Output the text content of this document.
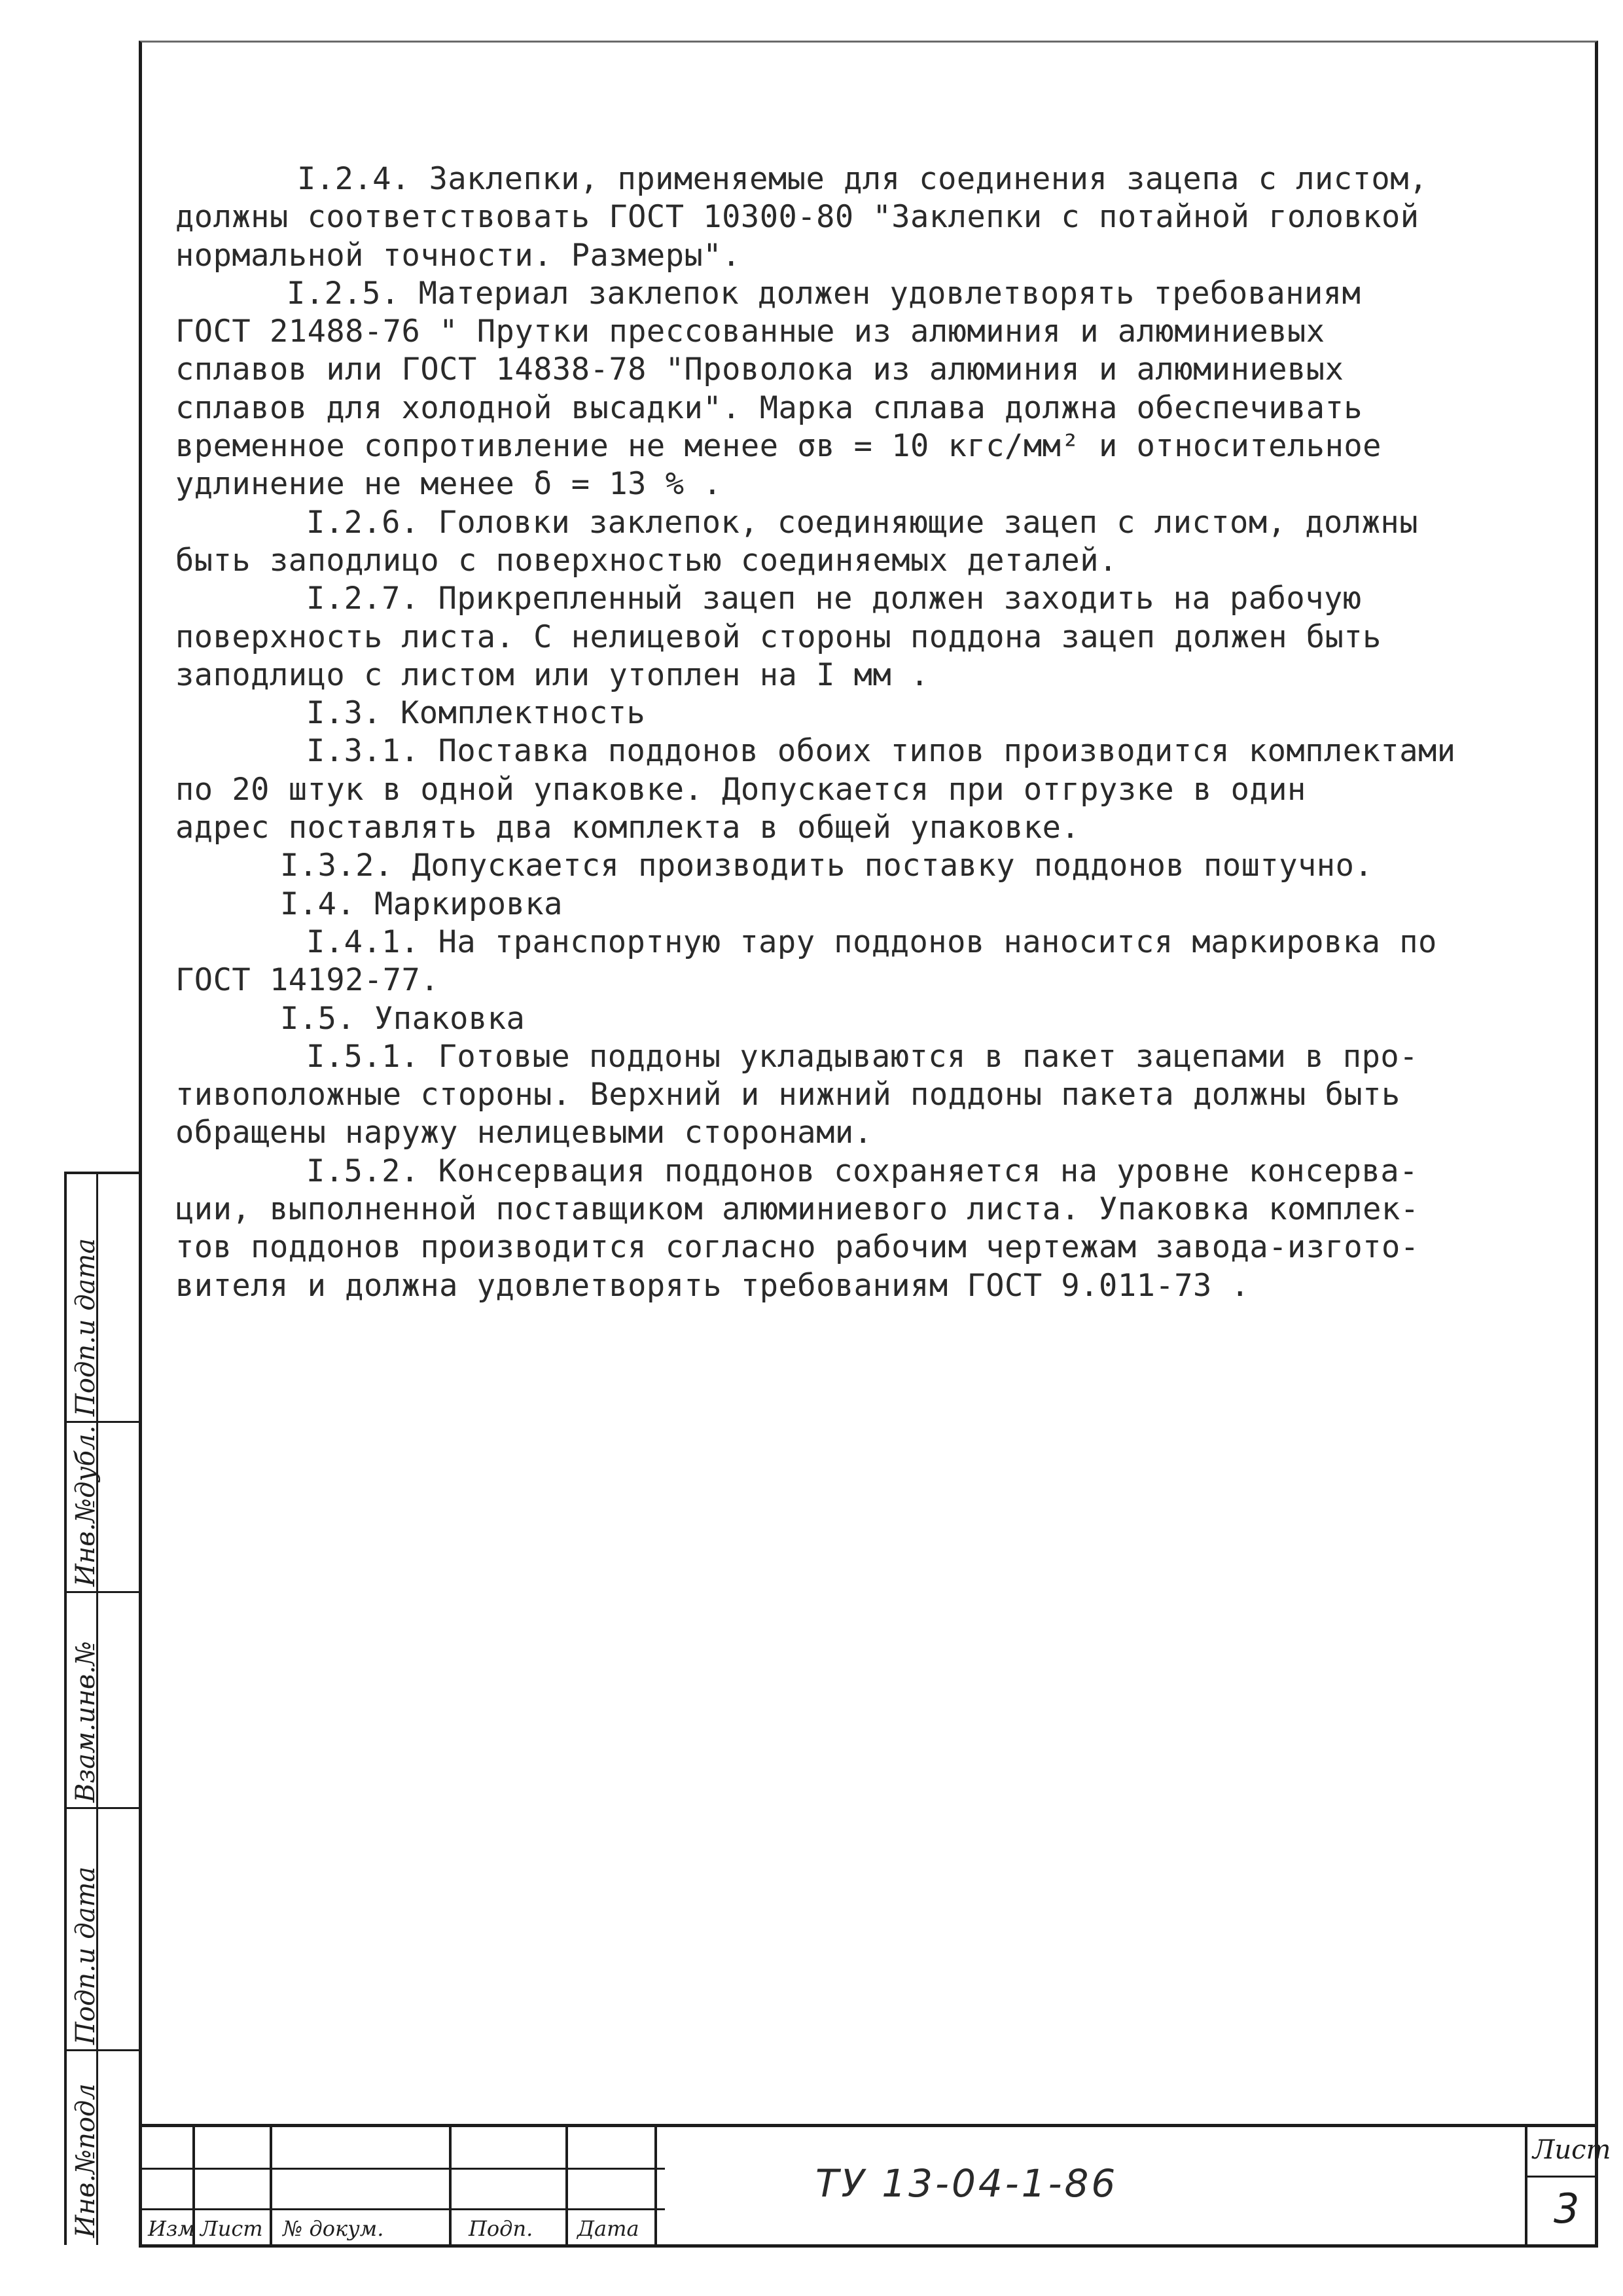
Инв.№подл
Подп.и дата
Взам.инв.№
Инв.№дубл.
Подп.и дата
I.2.4. Заклепки, применяемые для соединения зацепа с листом,
должны соответствовать ГОСТ 10300-80 "Заклепки с потайной головкой
нормальной точности. Размеры".
I.2.5. Материал заклепок должен удовлетворять требованиям
ГОСТ 21488-76 " Прутки прессованные из алюминия и алюминиевых
сплавов или ГОСТ 14838-78 "Проволока из алюминия и алюминиевых
сплавов для холодной высадки". Марка сплава должна обеспечивать
временное сопротивление не менее σв = 10 кгс/мм² и относительное
удлинение не менее δ = 13 % .
I.2.6. Головки заклепок, соединяющие зацеп с листом, должны
быть заподлицо с поверхностью соединяемых деталей.
I.2.7. Прикрепленный зацеп не должен заходить на рабочую
поверхность листа. С нелицевой стороны поддона зацеп должен быть
заподлицо с листом или утоплен на I мм .
I.3. Комплектность
I.3.1. Поставка поддонов обоих типов производится комплектами
по 20 штук в одной упаковке. Допускается при отгрузке в один
адрес поставлять два комплекта в общей упаковке.
I.3.2. Допускается производить поставку поддонов поштучно.
I.4. Маркировка
I.4.1. На транспортную тару поддонов наносится маркировка по
ГОСТ 14192-77.
I.5. Упаковка
I.5.1. Готовые поддоны укладываются в пакет зацепами в про-
тивоположные стороны. Верхний и нижний поддоны пакета должны быть
обращены наружу нелицевыми сторонами.
I.5.2. Консервация поддонов сохраняется на уровне консерва-
ции, выполненной поставщиком алюминиевого листа. Упаковка комплек-
тов поддонов производится согласно рабочим чертежам завода-изгото-
вителя и должна удовлетворять требованиям ГОСТ 9.011-73 .
Изм Лист № докум.	Подп. Дата
ТУ 13-04-1-86
Лист
3
